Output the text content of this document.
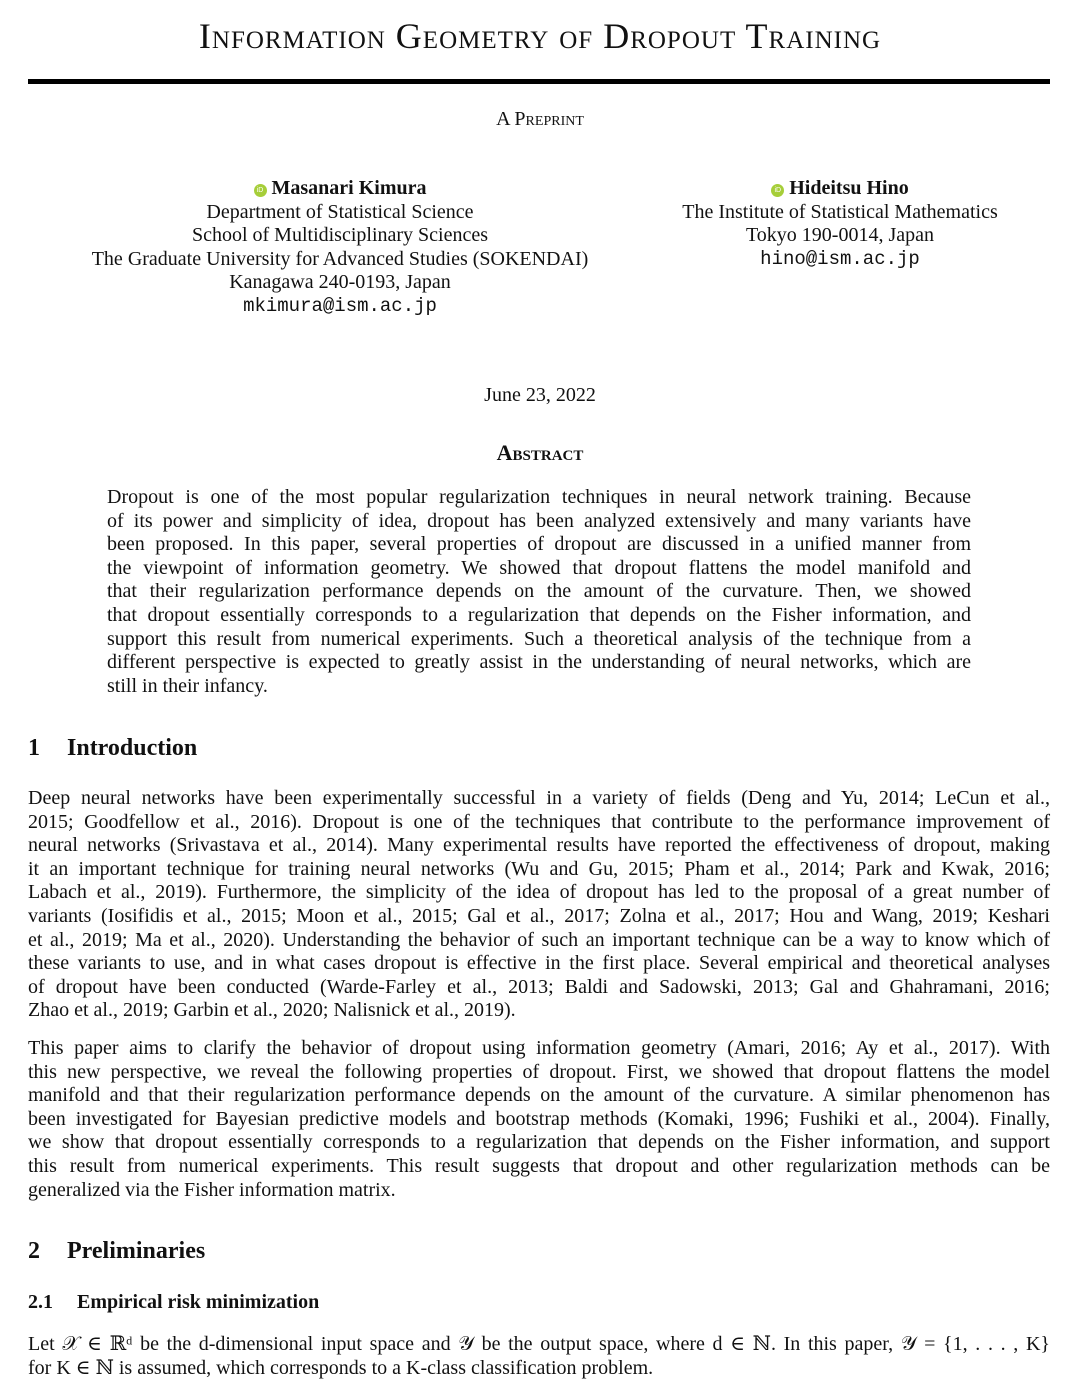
Information Geometry of Dropout Training
A Preprint
iD Masanari Kimura
Department of Statistical Science
School of Multidisciplinary Sciences
The Graduate University for Advanced Studies (SOKENDAI)
Kanagawa 240-0193, Japan
mkimura@ism.ac.jp
iD Hideitsu Hino
The Institute of Statistical Mathematics
Tokyo 190-0014, Japan
hino@ism.ac.jp
June 23, 2022
Abstract
Dropout is one of the most popular regularization techniques in neural network training. Because
of its power and simplicity of idea, dropout has been analyzed extensively and many variants have
been proposed. In this paper, several properties of dropout are discussed in a unified manner from
the viewpoint of information geometry. We showed that dropout flattens the model manifold and
that their regularization performance depends on the amount of the curvature. Then, we showed
that dropout essentially corresponds to a regularization that depends on the Fisher information, and
support this result from numerical experiments. Such a theoretical analysis of the technique from a
different perspective is expected to greatly assist in the understanding of neural networks, which are
still in their infancy.
1 Introduction
Deep neural networks have been experimentally successful in a variety of fields (Deng and Yu, 2014; LeCun et al.,
2015; Goodfellow et al., 2016). Dropout is one of the techniques that contribute to the performance improvement of
neural networks (Srivastava et al., 2014). Many experimental results have reported the effectiveness of dropout, making
it an important technique for training neural networks (Wu and Gu, 2015; Pham et al., 2014; Park and Kwak, 2016;
Labach et al., 2019). Furthermore, the simplicity of the idea of dropout has led to the proposal of a great number of
variants (Iosifidis et al., 2015; Moon et al., 2015; Gal et al., 2017; Zolna et al., 2017; Hou and Wang, 2019; Keshari
et al., 2019; Ma et al., 2020). Understanding the behavior of such an important technique can be a way to know which of
these variants to use, and in what cases dropout is effective in the first place. Several empirical and theoretical analyses
of dropout have been conducted (Warde-Farley et al., 2013; Baldi and Sadowski, 2013; Gal and Ghahramani, 2016;
Zhao et al., 2019; Garbin et al., 2020; Nalisnick et al., 2019).
This paper aims to clarify the behavior of dropout using information geometry (Amari, 2016; Ay et al., 2017). With
this new perspective, we reveal the following properties of dropout. First, we showed that dropout flattens the model
manifold and that their regularization performance depends on the amount of the curvature. A similar phenomenon has
been investigated for Bayesian predictive models and bootstrap methods (Komaki, 1996; Fushiki et al., 2004). Finally,
we show that dropout essentially corresponds to a regularization that depends on the Fisher information, and support
this result from numerical experiments. This result suggests that dropout and other regularization methods can be
generalized via the Fisher information matrix.
2 Preliminaries
2.1 Empirical risk minimization
Let 𝒳 ∈ ℝᵈ be the d-dimensional input space and 𝒴 be the output space, where d ∈ ℕ. In this paper, 𝒴 = {1, . . . , K}
for K ∈ ℕ is assumed, which corresponds to a K-class classification problem.
